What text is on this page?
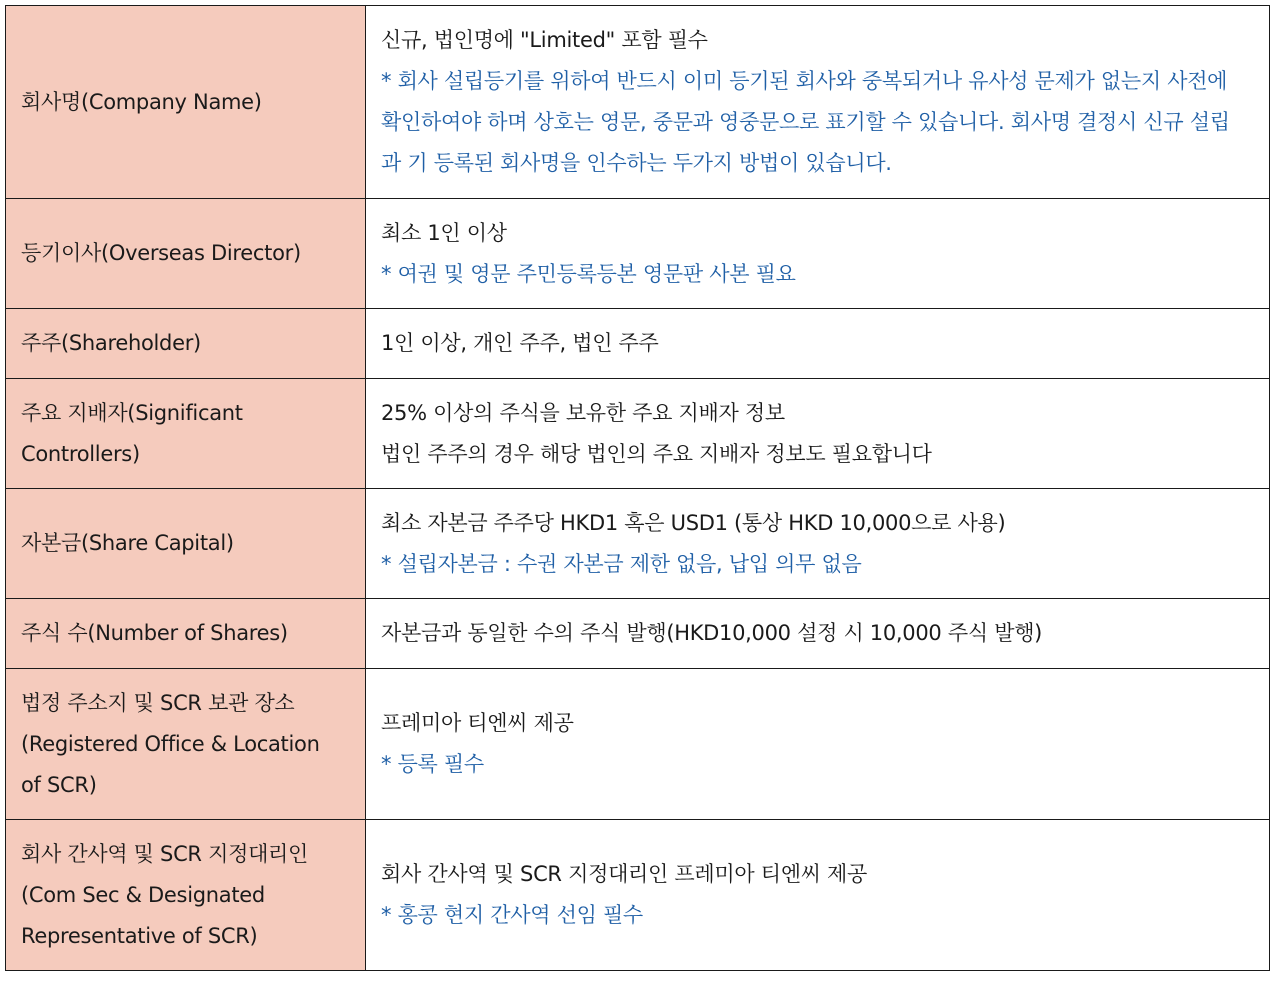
회사명(Company Name)	신규, 법인명에 "Limited" 포함 필수
* 회사 설립등기를 위하여 반드시 이미 등기된 회사와 중복되거나 유사성 문제가 없는지 사전에
확인하여야 하며 상호는 영문, 중문과 영중문으로 표기할 수 있습니다. 회사명 결정시 신규 설립
과 기 등록된 회사명을 인수하는 두가지 방법이 있습니다.

등기이사(Overseas Director)	최소 1인 이상
* 여권 및 영문 주민등록등본 영문판 사본 필요

주주(Shareholder)	1인 이상, 개인 주주, 법인 주주

주요 지배자(Significant
Controllers)	25% 이상의 주식을 보유한 주요 지배자 정보
법인 주주의 경우 해당 법인의 주요 지배자 정보도 필요합니다

자본금(Share Capital)	최소 자본금 주주당 HKD1 혹은 USD1 (통상 HKD 10,000으로 사용)
* 설립자본금 : 수권 자본금 제한 없음, 납입 의무 없음

주식 수(Number of Shares)	자본금과 동일한 수의 주식 발행(HKD10,000 설정 시 10,000 주식 발행)

법정 주소지 및 SCR 보관 장소
(Registered Office & Location
of SCR)	프레미아 티엔씨 제공
* 등록 필수

회사 간사역 및 SCR 지정대리인
(Com Sec & Designated
Representative of SCR)	회사 간사역 및 SCR 지정대리인 프레미아 티엔씨 제공
* 홍콩 현지 간사역 선임 필수
